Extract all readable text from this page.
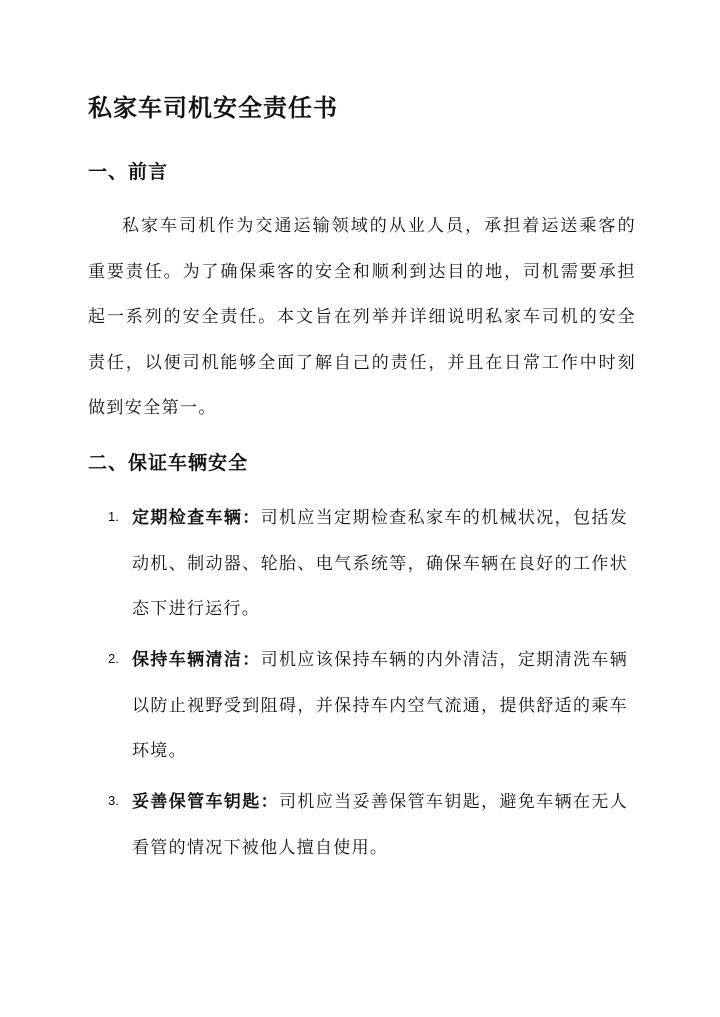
私家车司机安全责任书
一、前言

私家车司机作为交通运输领域的从业人员，承担着运送乘客的重要责任。为了确保乘客的安全和顺利到达目的地，司机需要承担起一系列的安全责任。本文旨在列举并详细说明私家车司机的安全责任，以便司机能够全面了解自己的责任，并且在日常工作中时刻做到安全第一。

二、保证车辆安全
1. 定期检查车辆：司机应当定期检查私家车的机械状况，包括发动机、制动器、轮胎、电气系统等，确保车辆在良好的工作状态下进行运行。
2. 保持车辆清洁：司机应该保持车辆的内外清洁，定期清洗车辆以防止视野受到阻碍，并保持车内空气流通，提供舒适的乘车环境。
3. 妥善保管车钥匙：司机应当妥善保管车钥匙，避免车辆在无人看管的情况下被他人擅自使用。
